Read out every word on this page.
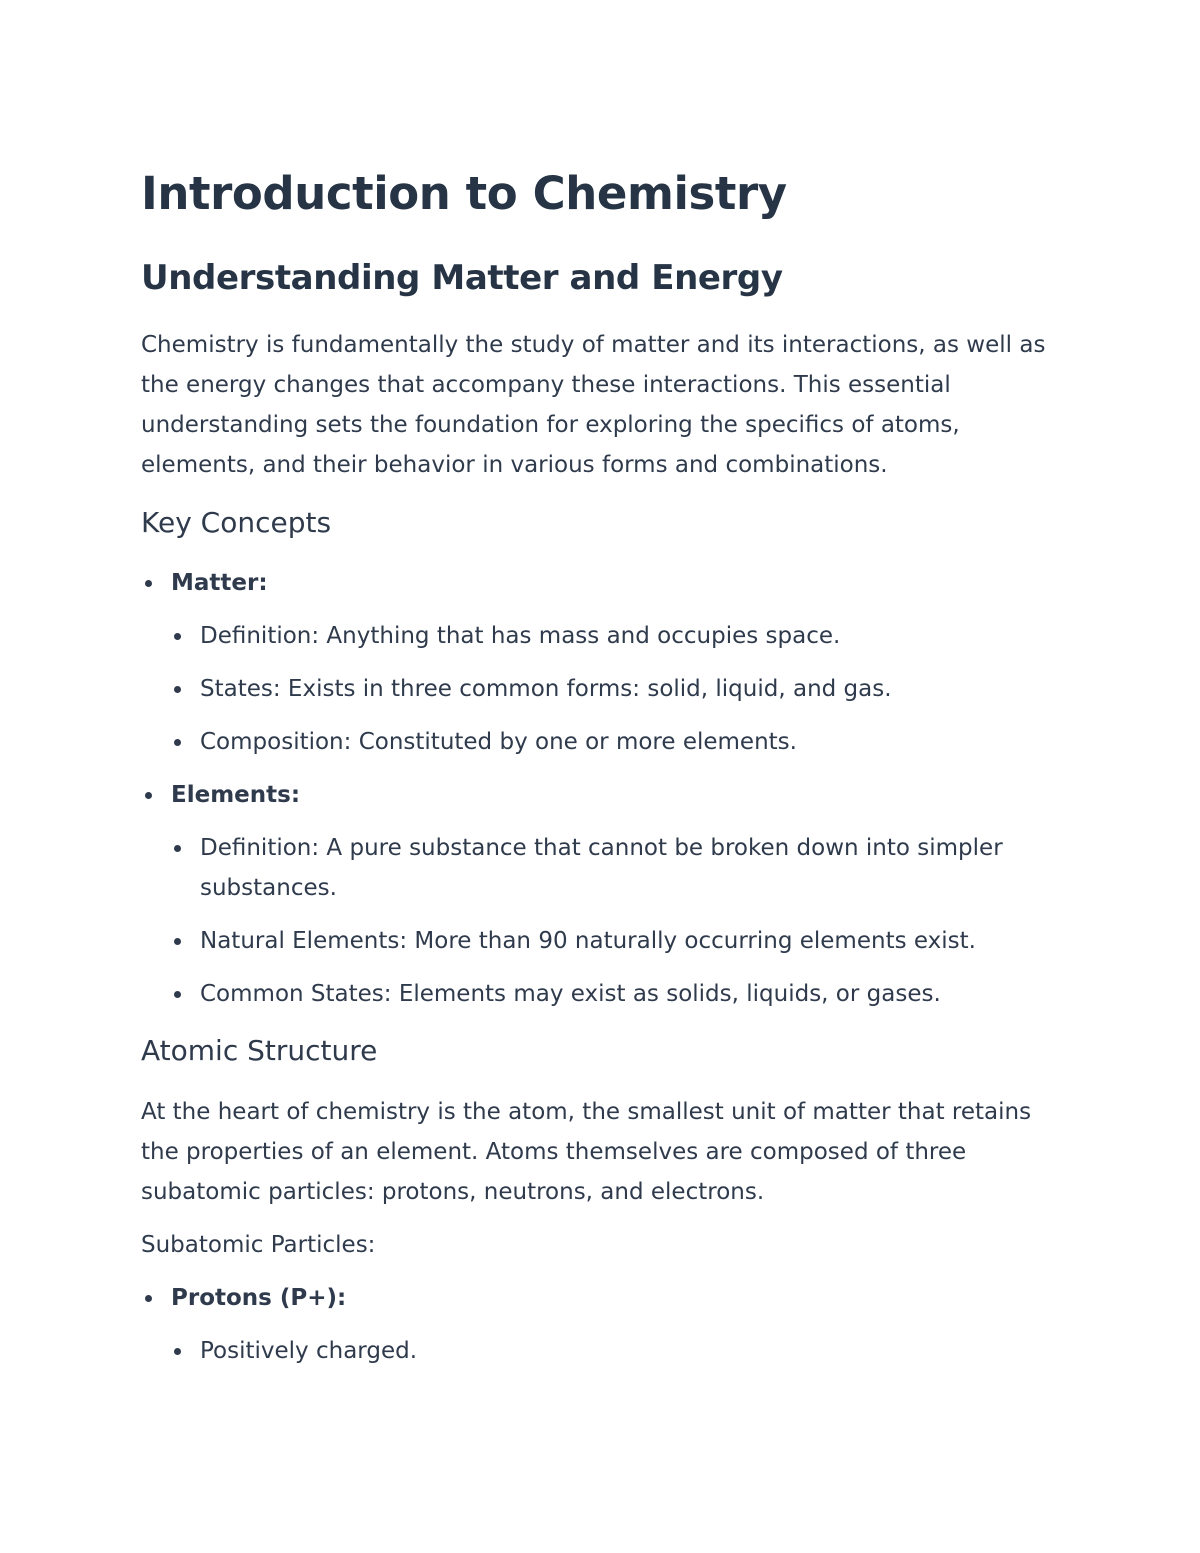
Introduction to Chemistry
Understanding Matter and Energy

Chemistry is fundamentally the study of matter and its interactions, as well as the energy changes that accompany these interactions. This essential understanding sets the foundation for exploring the specifics of atoms, elements, and their behavior in various forms and combinations.

Key Concepts
Matter:
Definition: Anything that has mass and occupies space.
States: Exists in three common forms: solid, liquid, and gas.
Composition: Constituted by one or more elements.
Elements:
Definition: A pure substance that cannot be broken down into simpler substances.
Natural Elements: More than 90 naturally occurring elements exist.
Common States: Elements may exist as solids, liquids, or gases.
Atomic Structure

At the heart of chemistry is the atom, the smallest unit of matter that retains the properties of an element. Atoms themselves are composed of three subatomic particles: protons, neutrons, and electrons.

Subatomic Particles:

Protons (P+):
Positively charged.
